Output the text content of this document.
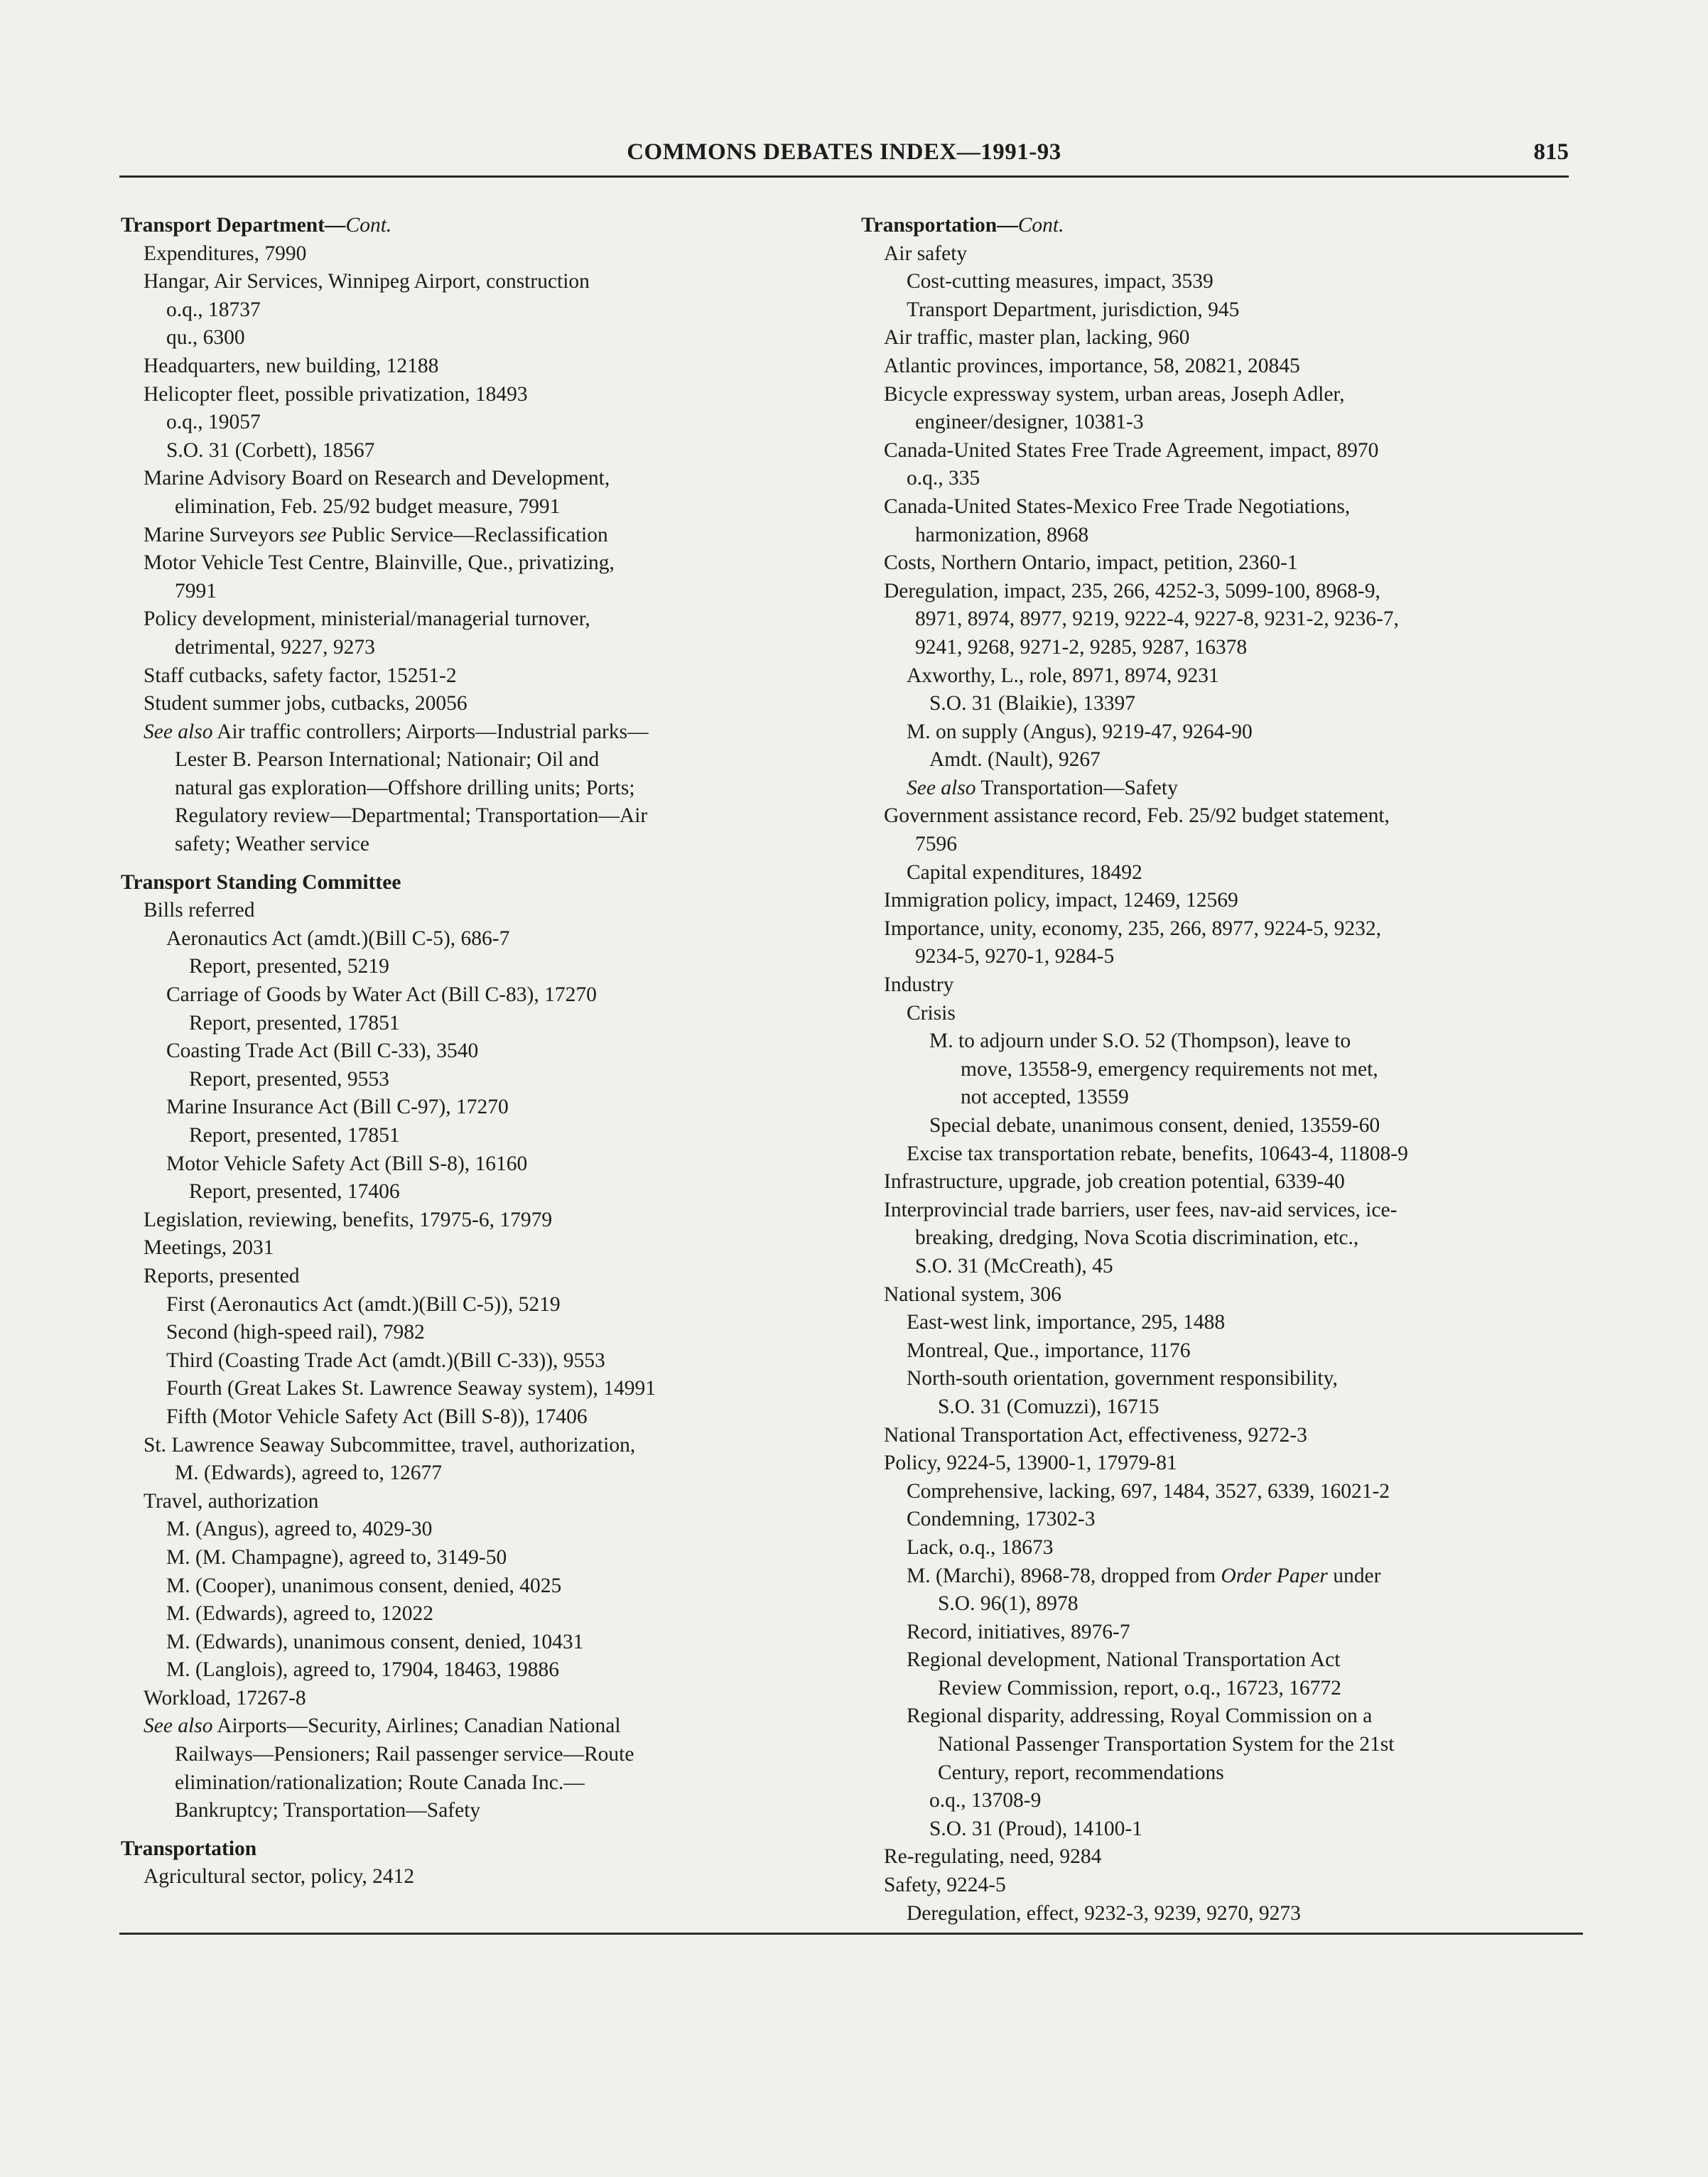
COMMONS DEBATES INDEX—1991-93	815
Transport Department—Cont.
Expenditures, 7990
Hangar, Air Services, Winnipeg Airport, construction
o.q., 18737
qu., 6300
Headquarters, new building, 12188
Helicopter fleet, possible privatization, 18493
o.q., 19057
S.O. 31 (Corbett), 18567
Marine Advisory Board on Research and Development,
elimination, Feb. 25/92 budget measure, 7991
Marine Surveyors see Public Service—Reclassification
Motor Vehicle Test Centre, Blainville, Que., privatizing,
7991
Policy development, ministerial/managerial turnover,
detrimental, 9227, 9273
Staff cutbacks, safety factor, 15251-2
Student summer jobs, cutbacks, 20056
See also Air traffic controllers; Airports—Industrial parks—
Lester B. Pearson International; Nationair; Oil and
natural gas exploration—Offshore drilling units; Ports;
Regulatory review—Departmental; Transportation—Air
safety; Weather service
Transport Standing Committee
Bills referred
Aeronautics Act (amdt.)(Bill C-5), 686-7
Report, presented, 5219
Carriage of Goods by Water Act (Bill C-83), 17270
Report, presented, 17851
Coasting Trade Act (Bill C-33), 3540
Report, presented, 9553
Marine Insurance Act (Bill C-97), 17270
Report, presented, 17851
Motor Vehicle Safety Act (Bill S-8), 16160
Report, presented, 17406
Legislation, reviewing, benefits, 17975-6, 17979
Meetings, 2031
Reports, presented
First (Aeronautics Act (amdt.)(Bill C-5)), 5219
Second (high-speed rail), 7982
Third (Coasting Trade Act (amdt.)(Bill C-33)), 9553
Fourth (Great Lakes St. Lawrence Seaway system), 14991
Fifth (Motor Vehicle Safety Act (Bill S-8)), 17406
St. Lawrence Seaway Subcommittee, travel, authorization,
M. (Edwards), agreed to, 12677
Travel, authorization
M. (Angus), agreed to, 4029-30
M. (M. Champagne), agreed to, 3149-50
M. (Cooper), unanimous consent, denied, 4025
M. (Edwards), agreed to, 12022
M. (Edwards), unanimous consent, denied, 10431
M. (Langlois), agreed to, 17904, 18463, 19886
Workload, 17267-8
See also Airports—Security, Airlines; Canadian National
Railways—Pensioners; Rail passenger service—Route
elimination/rationalization; Route Canada Inc.—
Bankruptcy; Transportation—Safety
Transportation
Agricultural sector, policy, 2412
Transportation—Cont.
Air safety
Cost-cutting measures, impact, 3539
Transport Department, jurisdiction, 945
Air traffic, master plan, lacking, 960
Atlantic provinces, importance, 58, 20821, 20845
Bicycle expressway system, urban areas, Joseph Adler,
engineer/designer, 10381-3
Canada-United States Free Trade Agreement, impact, 8970
o.q., 335
Canada-United States-Mexico Free Trade Negotiations,
harmonization, 8968
Costs, Northern Ontario, impact, petition, 2360-1
Deregulation, impact, 235, 266, 4252-3, 5099-100, 8968-9,
8971, 8974, 8977, 9219, 9222-4, 9227-8, 9231-2, 9236-7,
9241, 9268, 9271-2, 9285, 9287, 16378
Axworthy, L., role, 8971, 8974, 9231
S.O. 31 (Blaikie), 13397
M. on supply (Angus), 9219-47, 9264-90
Amdt. (Nault), 9267
See also Transportation—Safety
Government assistance record, Feb. 25/92 budget statement,
7596
Capital expenditures, 18492
Immigration policy, impact, 12469, 12569
Importance, unity, economy, 235, 266, 8977, 9224-5, 9232,
9234-5, 9270-1, 9284-5
Industry
Crisis
M. to adjourn under S.O. 52 (Thompson), leave to
move, 13558-9, emergency requirements not met,
not accepted, 13559
Special debate, unanimous consent, denied, 13559-60
Excise tax transportation rebate, benefits, 10643-4, 11808-9
Infrastructure, upgrade, job creation potential, 6339-40
Interprovincial trade barriers, user fees, nav-aid services, ice-
breaking, dredging, Nova Scotia discrimination, etc.,
S.O. 31 (McCreath), 45
National system, 306
East-west link, importance, 295, 1488
Montreal, Que., importance, 1176
North-south orientation, government responsibility,
S.O. 31 (Comuzzi), 16715
National Transportation Act, effectiveness, 9272-3
Policy, 9224-5, 13900-1, 17979-81
Comprehensive, lacking, 697, 1484, 3527, 6339, 16021-2
Condemning, 17302-3
Lack, o.q., 18673
M. (Marchi), 8968-78, dropped from Order Paper under
S.O. 96(1), 8978
Record, initiatives, 8976-7
Regional development, National Transportation Act
Review Commission, report, o.q., 16723, 16772
Regional disparity, addressing, Royal Commission on a
National Passenger Transportation System for the 21st
Century, report, recommendations
o.q., 13708-9
S.O. 31 (Proud), 14100-1
Re-regulating, need, 9284
Safety, 9224-5
Deregulation, effect, 9232-3, 9239, 9270, 9273
